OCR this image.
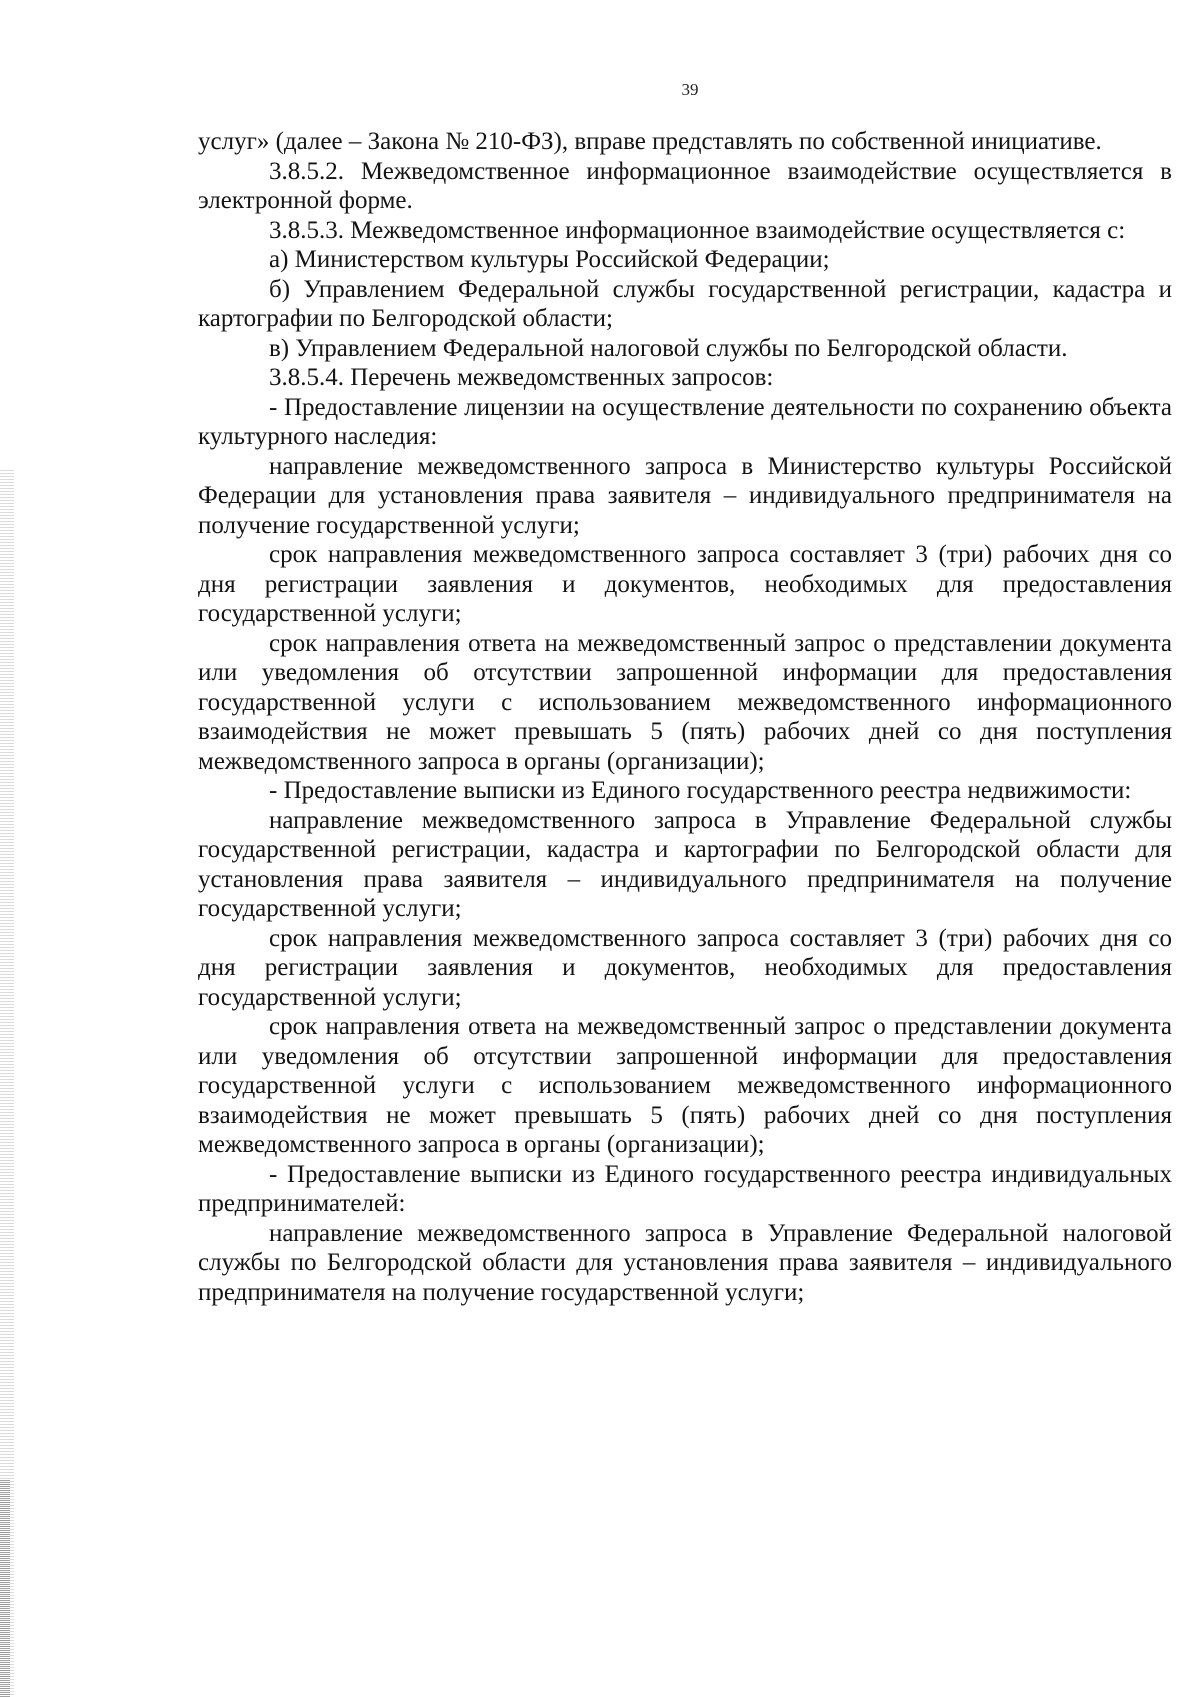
39

услуг» (далее – Закона № 210-ФЗ), вправе представлять по собственной инициативе.

3.8.5.2. Межведомственное информационное взаимодействие осуществляется в электронной форме.

3.8.5.3. Межведомственное информационное взаимодействие осуществляется с:

а) Министерством культуры Российской Федерации;

б) Управлением Федеральной службы государственной регистрации, кадастра и картографии по Белгородской области;

в) Управлением Федеральной налоговой службы по Белгородской области.

3.8.5.4. Перечень межведомственных запросов:

- Предоставление лицензии на осуществление деятельности по сохранению объекта культурного наследия:

направление межведомственного запроса в Министерство культуры Российской Федерации для установления права заявителя – индивидуального предпринимателя на получение государственной услуги;

срок направления межведомственного запроса составляет 3 (три) рабочих дня со дня регистрации заявления и документов, необходимых для предоставления государственной услуги;

срок направления ответа на межведомственный запрос о представлении документа или уведомления об отсутствии запрошенной информации для предоставления государственной услуги с использованием межведомственного информационного взаимодействия не может превышать 5 (пять) рабочих дней со дня поступления межведомственного запроса в органы (организации);

- Предоставление выписки из Единого государственного реестра недвижимости:

направление межведомственного запроса в Управление Федеральной службы государственной регистрации, кадастра и картографии по Белгородской области для установления права заявителя – индивидуального предпринимателя на получение государственной услуги;

срок направления межведомственного запроса составляет 3 (три) рабочих дня со дня регистрации заявления и документов, необходимых для предоставления государственной услуги;

срок направления ответа на межведомственный запрос о представлении документа или уведомления об отсутствии запрошенной информации для предоставления государственной услуги с использованием межведомственного информационного взаимодействия не может превышать 5 (пять) рабочих дней со дня поступления межведомственного запроса в органы (организации);

- Предоставление выписки из Единого государственного реестра индивидуальных предпринимателей:

направление межведомственного запроса в Управление Федеральной налоговой службы по Белгородской области для установления права заявителя – индивидуального предпринимателя на получение государственной услуги;
